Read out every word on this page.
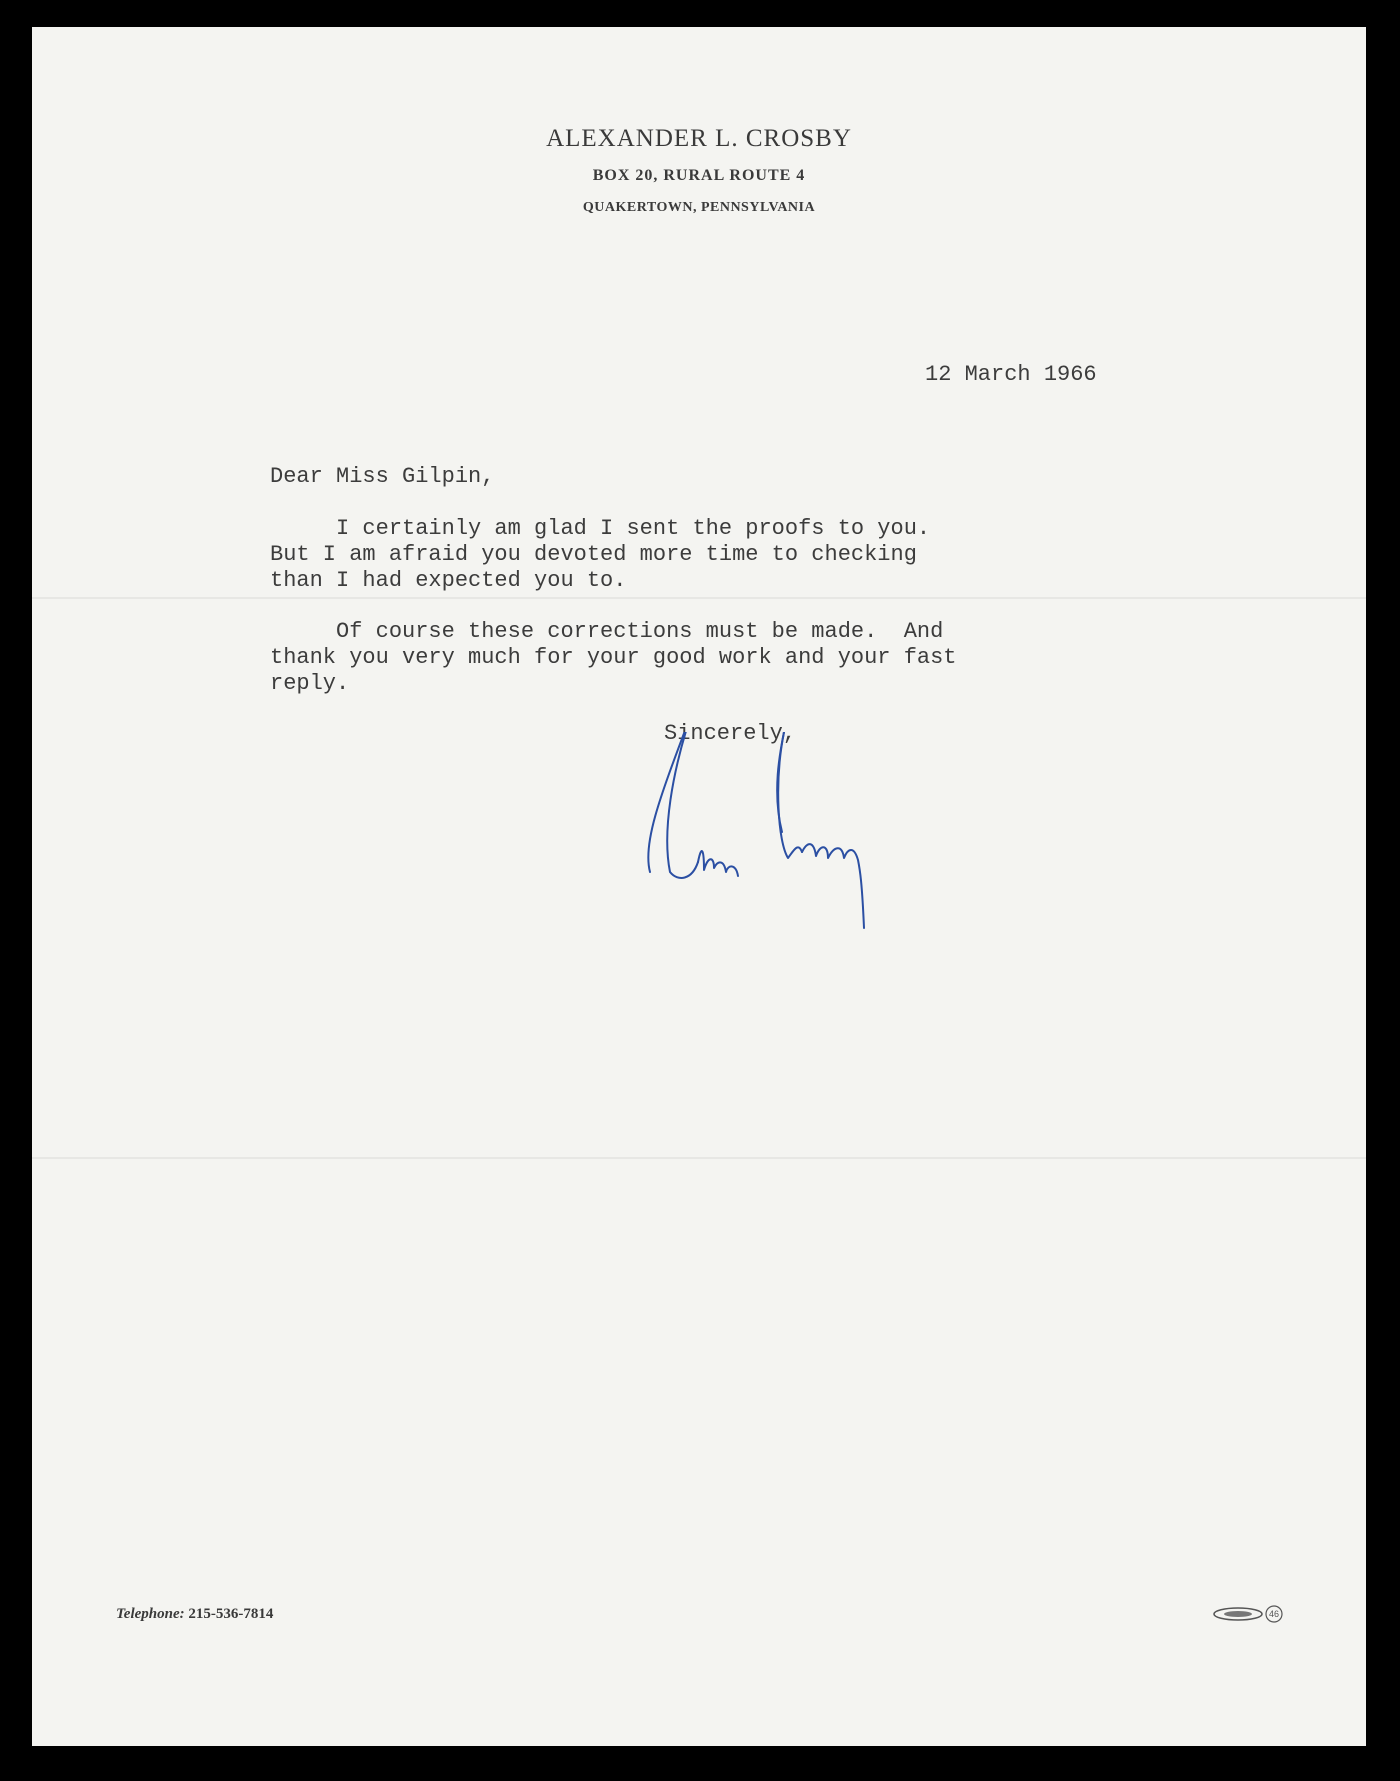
ALEXANDER L. CROSBY
BOX 20, RURAL ROUTE 4
QUAKERTOWN, PENNSYLVANIA
12 March 1966
Dear Miss Gilpin,

I certainly am glad I sent the proofs to you.
But I am afraid you devoted more time to checking
than I had expected you to.

Of course these corrections must be made.  And
thank you very much for your good work and your fast
reply.

Sincerely,
Telephone: 215-536-7814	46
